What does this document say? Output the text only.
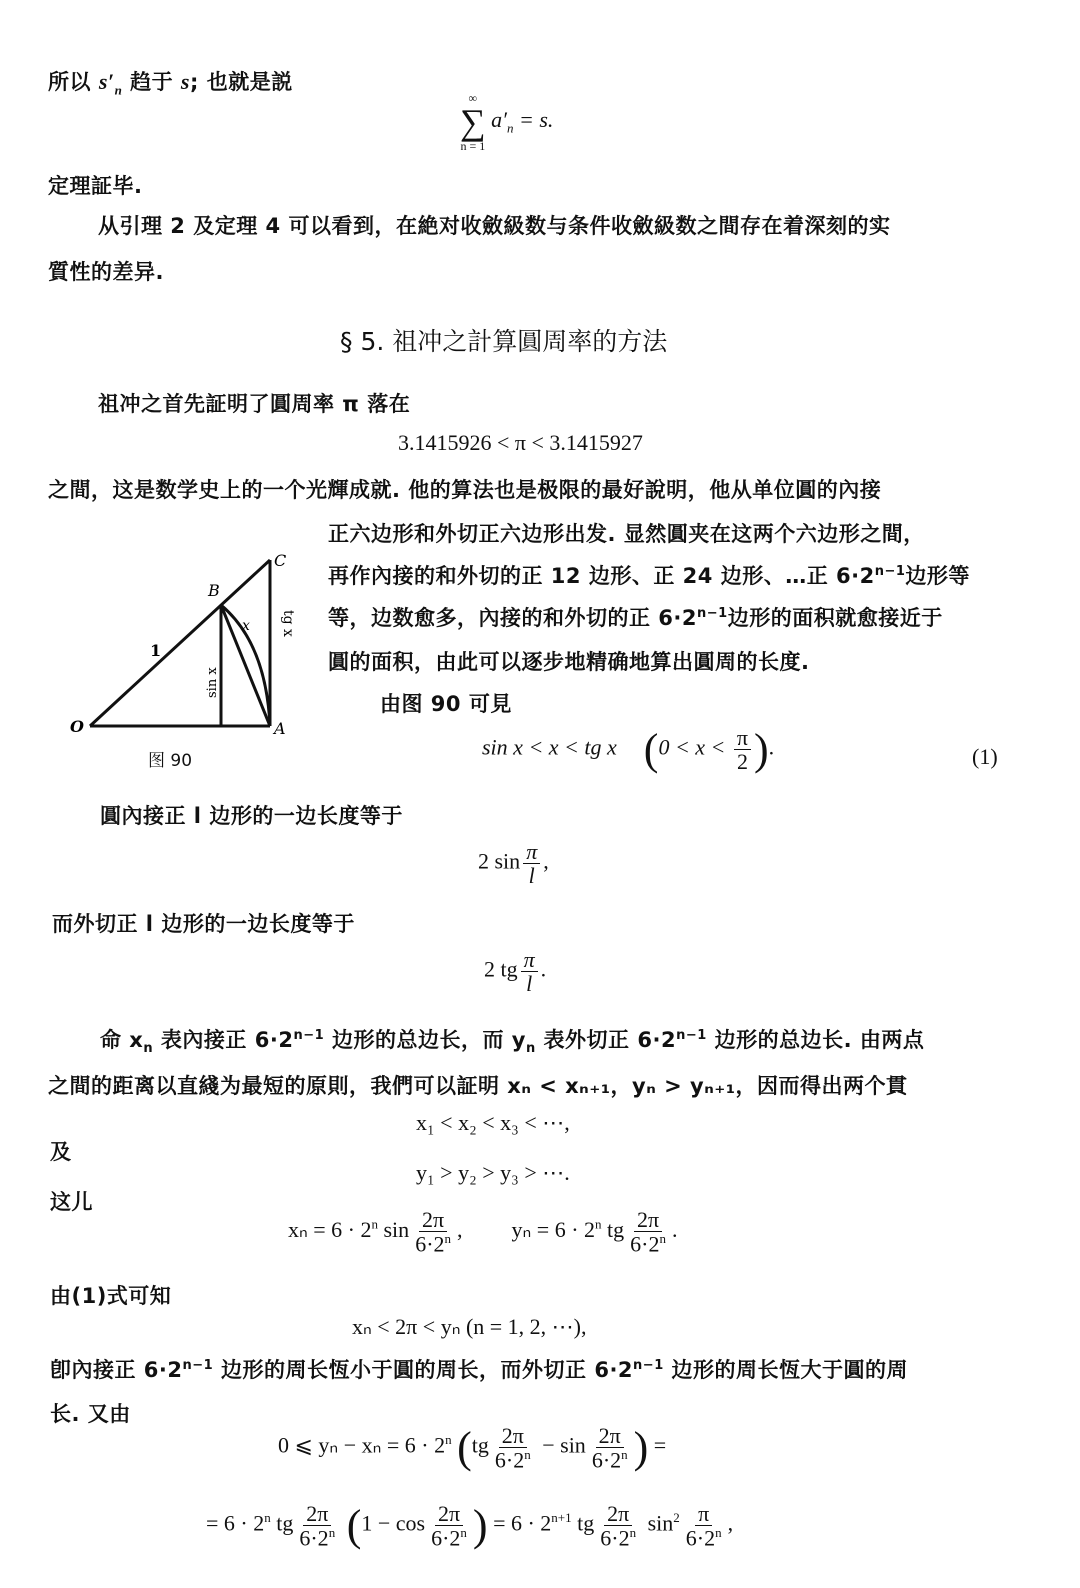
所以 $s'_n$ 趋于 s; 也就是説
∞
∑
n = 1
$a'_n = s$.
定理証毕.
从引理 2 及定理 4 可以看到，在絶对收斂級数与条件收斂級数之間存在着深刻的实
質性的差异.
§ 5. 祖冲之計算圓周率的方法
祖冲之首先証明了圓周率 π 落在
3.1415926 < π < 3.1415927
之間，这是数学史上的一个光輝成就. 他的算法也是极限的最好說明，他从单位圓的內接
正六边形和外切正六边形出发. 显然圓夹在这两个六边形之間，
再作內接的和外切的正 12 边形、正 24 边形、…正 $6\cdot 2^{n-1}$边形等
等，边数愈多，內接的和外切的正 $6\cdot 2^{n-1}$边形的面积就愈接近于
圓的面积，由此可以逐步地精确地算出圓周的长度.
由图 90 可見
O	A
B
C
1
x
sin x
tg x
图 90
sin x < x < tg x ($0 < x < \frac{\pi}{2}$ ).	(1)
圓內接正 l 边形的一边长度等于
2 $\sin \frac{\pi}{l}$ ,
而外切正 l 边形的一边长度等于
2 tg $\frac{\pi}{l}$ .
命 $x_n$ 表內接正 $6\cdot 2^{n-1}$ 边形的总边长，而 $y_n$ 表外切正 $6\cdot 2^{n-1}$ 边形的总边长. 由两点
之間的距离以直綫为最短的原則，我們可以証明 xₙ < xₙ₊₁，yₙ > yₙ₊₁，因而得出两个貫
x₁ < x₂ < x₃ < ⋯,
及
y₁ > y₂ > y₃ > ⋯.
这儿
$x_n = 6 \cdot 2^n$ $\sin \frac{2\pi}{6\cdot 2^n}$ , $y_n = 6 \cdot 2^n$ tg $\frac{2\pi}{6\cdot 2^n}$ .
由(1)式可知
xₙ < 2π < yₙ (n = 1, 2, ⋯),
卽內接正 $6\cdot 2^{n-1}$ 边形的周长恆小于圓的周长，而外切正 $6\cdot 2^{n-1}$ 边形的周长恆大于圓的周
长. 又由
0 ⩽ $y_n - x_n = 6 \cdot 2^n$ ($tg \frac{2\pi}{6\cdot 2^n} - \sin \frac{2\pi}{6\cdot 2^n}$ ) =
= $6 \cdot 2^n$ tg $\frac{2\pi}{6\cdot 2^n} (1 - \cos \frac{2\pi}{6\cdot 2^n}$ ) = $6 \cdot 2^{n+1}$ tg $\frac{2\pi}{6\cdot 2^n} \sin^2 \frac{\pi}{6\cdot 2^n}$ ,
